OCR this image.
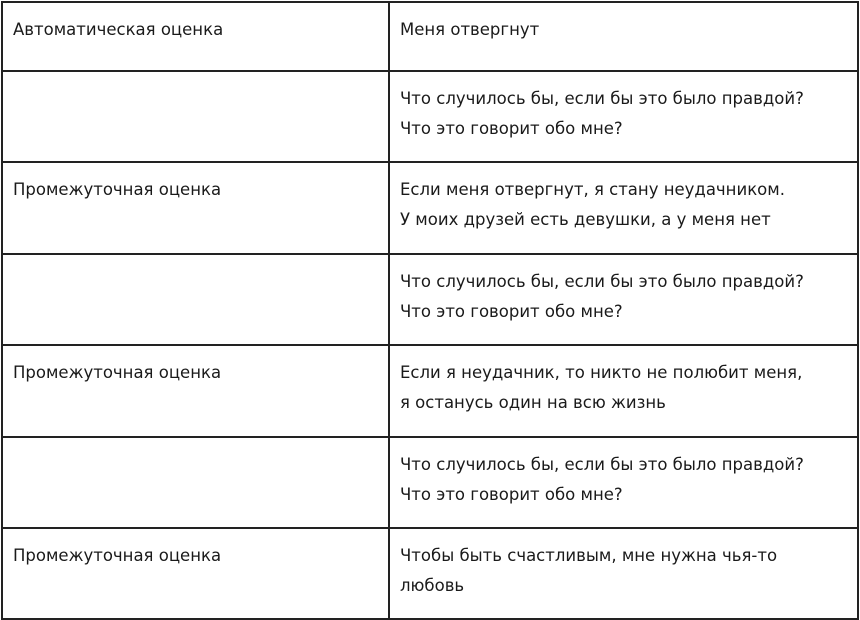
Автоматическая оценка	Меня отвергнут

	Что случилось бы, если бы это было правдой?
Что это говорит обо мне?

Промежуточная оценка	Если меня отвергнут, я стану неудачником.
У моих друзей есть девушки, а у меня нет

	Что случилось бы, если бы это было правдой?
Что это говорит обо мне?

Промежуточная оценка	Если я неудачник, то никто не полюбит меня,
я останусь один на всю жизнь

	Что случилось бы, если бы это было правдой?
Что это говорит обо мне?

Промежуточная оценка	Чтобы быть счастливым, мне нужна чья-то
любовь
